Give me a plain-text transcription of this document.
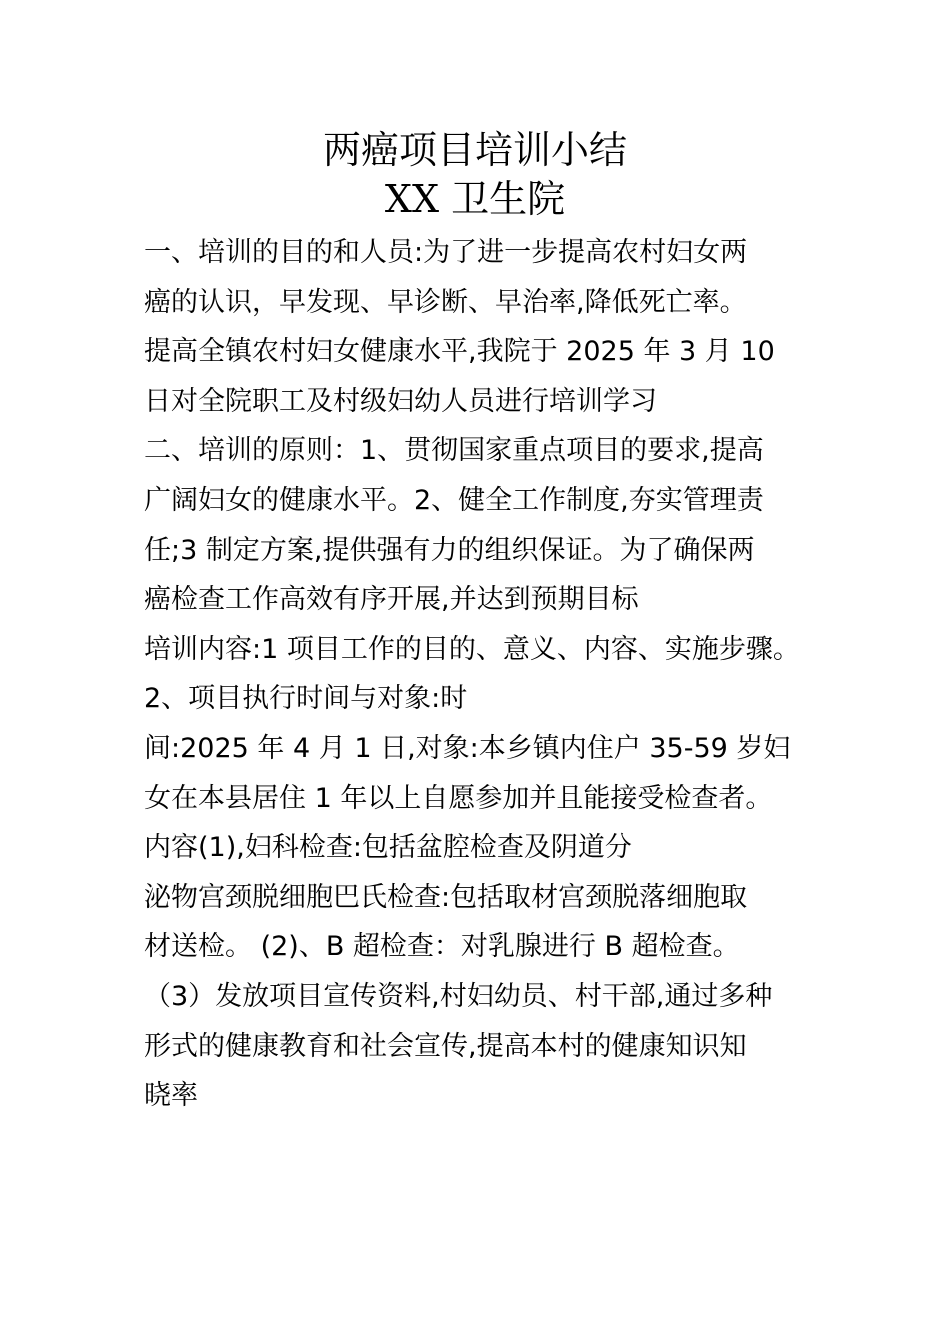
两癌项目培训小结
XX 卫生院
一、培训的目的和人员:为了进一步提高农村妇女两
癌的认识，早发现、早诊断、早治率,降低死亡率。
提高全镇农村妇女健康水平,我院于 2025 年 3 月 10
日对全院职工及村级妇幼人员进行培训学习
二、培训的原则：1、贯彻国家重点项目的要求,提高
广阔妇女的健康水平。2、健全工作制度,夯实管理责
任;3 制定方案,提供强有力的组织保证。为了确保两
癌检查工作高效有序开展,并达到预期目标
培训内容:1 项目工作的目的、意义、内容、实施步骤。
2、项目执行时间与对象:时
间:2025 年 4 月 1 日,对象:本乡镇内住户 35-59 岁妇
女在本县居住 1 年以上自愿参加并且能接受检查者。
内容(1),妇科检查:包括盆腔检查及阴道分
泌物宫颈脱细胞巴氏检查:包括取材宫颈脱落细胞取
材送检。 (2)、B 超检查：对乳腺进行 B 超检查。
（3）发放项目宣传资料,村妇幼员、村干部,通过多种
形式的健康教育和社会宣传,提高本村的健康知识知
晓率
